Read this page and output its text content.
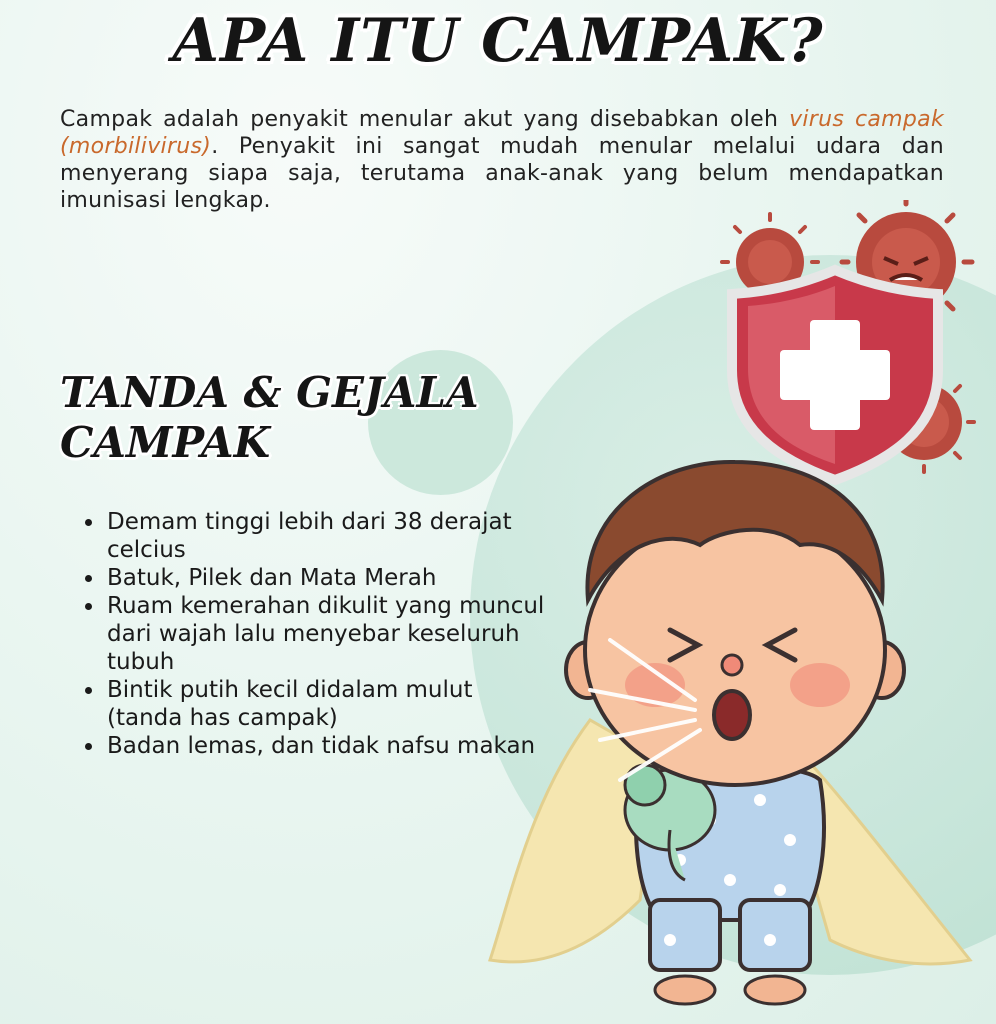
APA ITU CAMPAK?

Campak adalah penyakit menular akut yang disebabkan oleh virus campak (morbilivirus). Penyakit ini sangat mudah menular melalui udara dan menyerang siapa saja, terutama anak-anak yang belum mendapatkan imunisasi lengkap.

TANDA & GEJALA
CAMPAK
• Demam tinggi lebih dari 38 derajat celcius
• Batuk, Pilek dan Mata Merah
• Ruam kemerahan dikulit yang muncul dari wajah lalu menyebar keseluruh tubuh
• Bintik putih kecil didalam mulut (tanda has campak)
• Badan lemas, dan tidak nafsu makan
